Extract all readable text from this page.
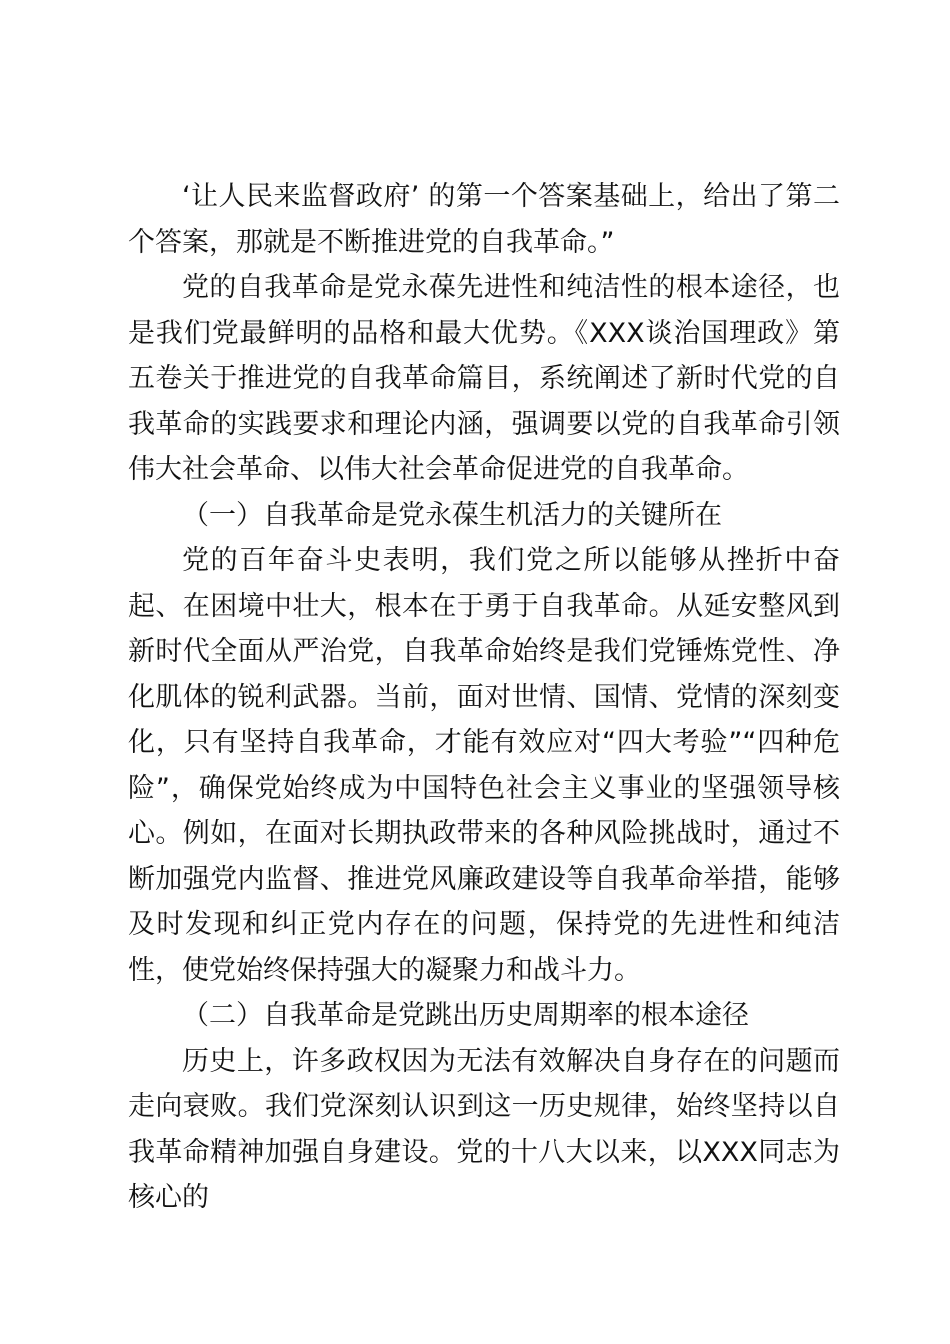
‘让人民来监督政府’ 的第一个答案基础上，给出了第二个答案，那就是不断推进党的自我革命。”

党的自我革命是党永葆先进性和纯洁性的根本途径，也是我们党最鲜明的品格和最大优势。《XXX谈治国理政》第五卷关于推进党的自我革命篇目，系统阐述了新时代党的自我革命的实践要求和理论内涵，强调要以党的自我革命引领伟大社会革命、以伟大社会革命促进党的自我革命。

（一）自我革命是党永葆生机活力的关键所在

党的百年奋斗史表明，我们党之所以能够从挫折中奋起、在困境中壮大，根本在于勇于自我革命。从延安整风到新时代全面从严治党，自我革命始终是我们党锤炼党性、净化肌体的锐利武器。当前，面对世情、国情、党情的深刻变化，只有坚持自我革命，才能有效应对“四大考验”“四种危险”，确保党始终成为中国特色社会主义事业的坚强领导核心。例如，在面对长期执政带来的各种风险挑战时，通过不断加强党内监督、推进党风廉政建设等自我革命举措，能够及时发现和纠正党内存在的问题，保持党的先进性和纯洁性，使党始终保持强大的凝聚力和战斗力。

（二）自我革命是党跳出历史周期率的根本途径

历史上，许多政权因为无法有效解决自身存在的问题而走向衰败。我们党深刻认识到这一历史规律，始终坚持以自我革命精神加强自身建设。党的十八大以来，以XXX同志为核心的
